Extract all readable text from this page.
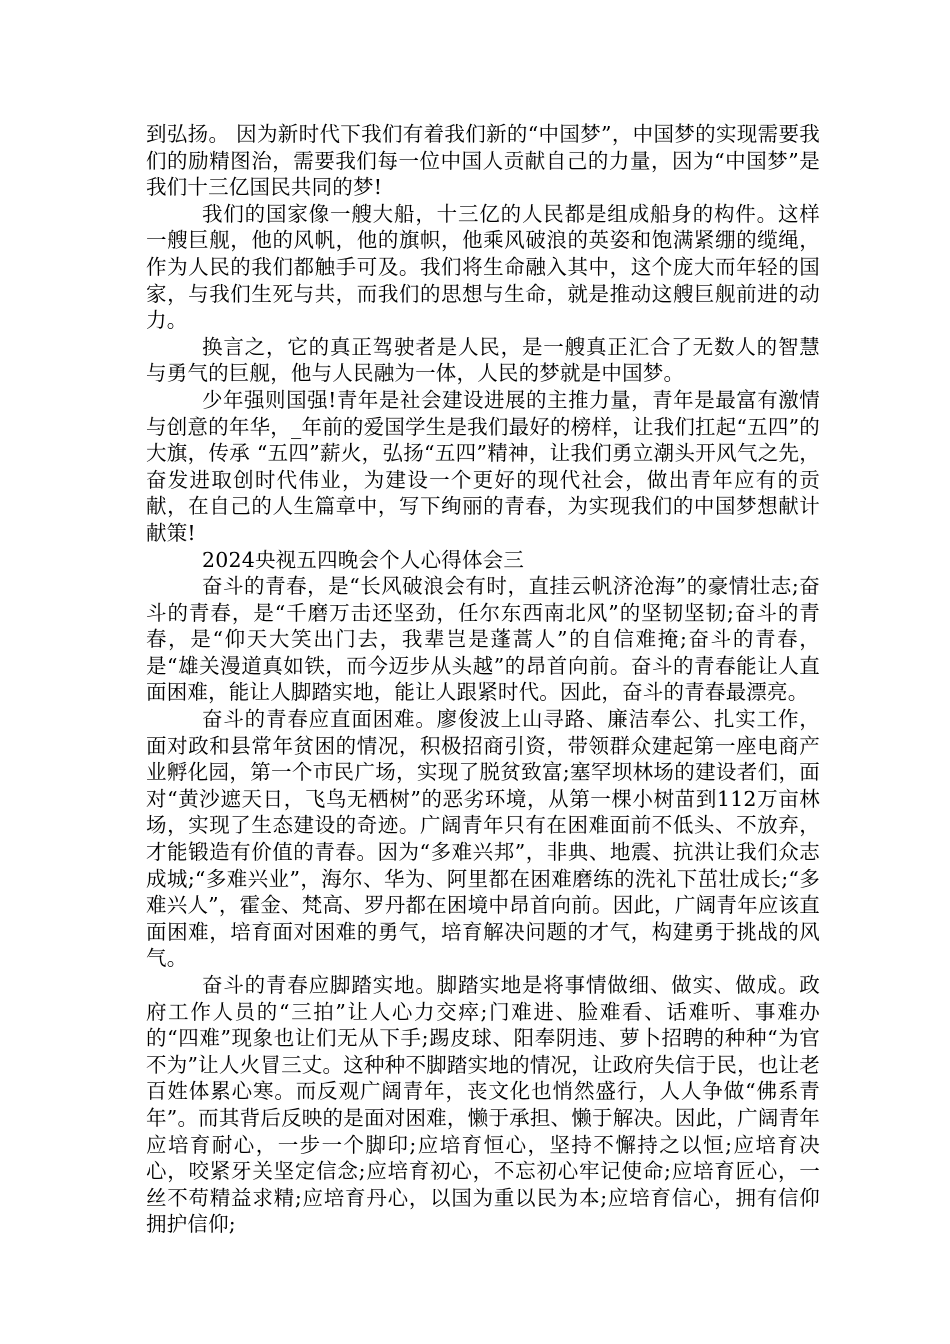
到弘扬。 因为新时代下我们有着我们新的“中国梦”，中国梦的实现需要我们的励精图治，需要我们每一位中国人贡献自己的力量，因为“中国梦”是我们十三亿国民共同的梦!

我们的国家像一艘大船，十三亿的人民都是组成船身的构件。这样一艘巨舰，他的风帆，他的旗帜，他乘风破浪的英姿和饱满紧绷的缆绳，作为人民的我们都触手可及。我们将生命融入其中，这个庞大而年轻的国家，与我们生死与共，而我们的思想与生命，就是推动这艘巨舰前进的动力。

换言之，它的真正驾驶者是人民，是一艘真正汇合了无数人的智慧与勇气的巨舰，他与人民融为一体，人民的梦就是中国梦。

少年强则国强!青年是社会建设进展的主推力量，青年是最富有激情与创意的年华，_年前的爱国学生是我们最好的榜样，让我们扛起“五四”的大旗，传承 “五四”薪火，弘扬“五四”精神，让我们勇立潮头开风气之先，奋发进取创时代伟业，为建设一个更好的现代社会，做出青年应有的贡献，在自己的人生篇章中，写下绚丽的青春，为实现我们的中国梦想献计献策!

2024央视五四晚会个人心得体会三

奋斗的青春，是“长风破浪会有时，直挂云帆济沧海”的豪情壮志;奋斗的青春，是“千磨万击还坚劲，任尔东西南北风”的坚韧坚韧;奋斗的青春，是“仰天大笑出门去，我辈岂是蓬蒿人”的自信难掩;奋斗的青春，是“雄关漫道真如铁，而今迈步从头越”的昂首向前。奋斗的青春能让人直面困难，能让人脚踏实地，能让人跟紧时代。因此，奋斗的青春最漂亮。

奋斗的青春应直面困难。廖俊波上山寻路、廉洁奉公、扎实工作，面对政和县常年贫困的情况，积极招商引资，带领群众建起第一座电商产业孵化园，第一个市民广场，实现了脱贫致富;塞罕坝林场的建设者们，面对“黄沙遮天日，飞鸟无栖树”的恶劣环境，从第一棵小树苗到112万亩林场，实现了生态建设的奇迹。广阔青年只有在困难面前不低头、不放弃，才能锻造有价值的青春。因为“多难兴邦”，非典、地震、抗洪让我们众志成城;“多难兴业”，海尔、华为、阿里都在困难磨练的洗礼下茁壮成长;“多难兴人”，霍金、梵高、罗丹都在困境中昂首向前。因此，广阔青年应该直面困难，培育面对困难的勇气，培育解决问题的才气，构建勇于挑战的风气。

奋斗的青春应脚踏实地。脚踏实地是将事情做细、做实、做成。政府工作人员的“三拍”让人心力交瘁;门难进、脸难看、话难听、事难办的“四难”现象也让们无从下手;踢皮球、阳奉阴违、萝卜招聘的种种“为官不为”让人火冒三丈。这种种不脚踏实地的情况，让政府失信于民，也让老百姓体累心寒。而反观广阔青年，丧文化也悄然盛行，人人争做“佛系青年”。而其背后反映的是面对困难，懒于承担、懒于解决。因此，广阔青年应培育耐心，一步一个脚印;应培育恒心，坚持不懈持之以恒;应培育决心，咬紧牙关坚定信念;应培育初心，不忘初心牢记使命;应培育匠心，一丝不苟精益求精;应培育丹心，以国为重以民为本;应培育信心，拥有信仰拥护信仰;
